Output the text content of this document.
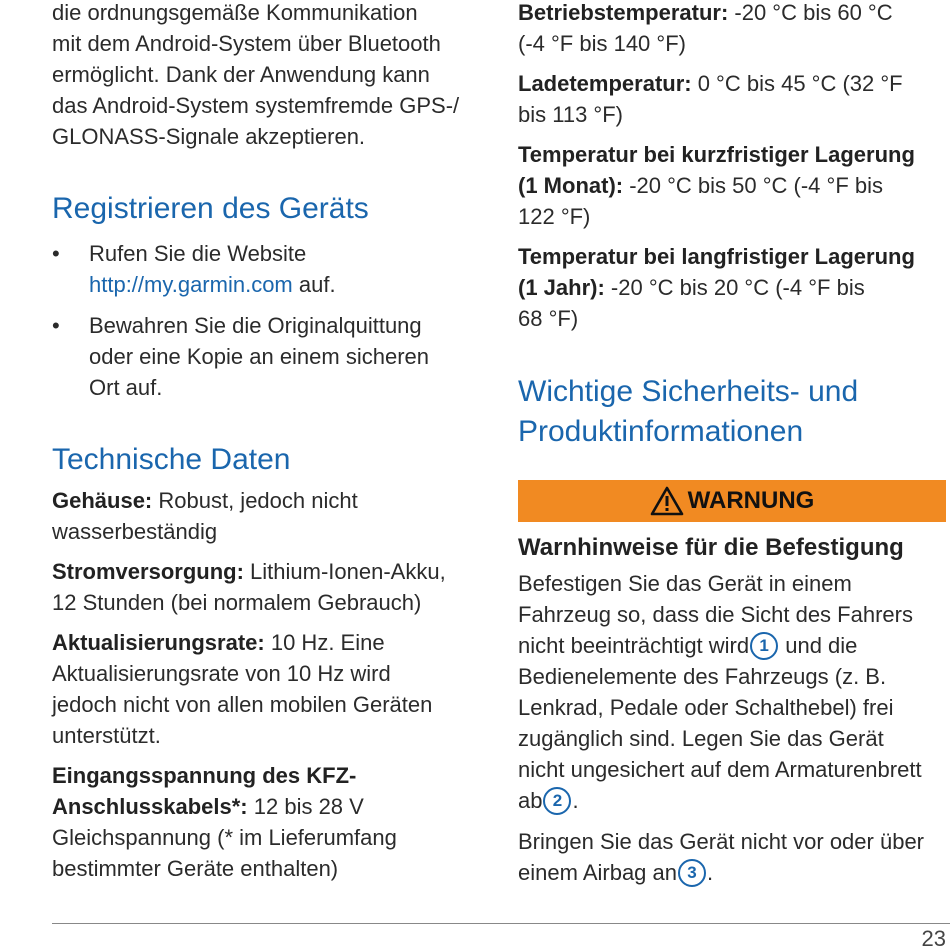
die ordnungsgemäße Kommunikation

mit dem Android-System über Bluetooth

ermöglicht. Dank der Anwendung kann

das Android-System systemfremde GPS-/

GLONASS-Signale akzeptieren.

Registrieren des Geräts
•	Rufen Sie die Website
http://my.garmin.com auf.
•	Bewahren Sie die Originalquittung
oder eine Kopie an einem sicheren
Ort auf.
Technische Daten

Gehäuse: Robust, jedoch nicht
wasserbeständig

Stromversorgung: Lithium-Ionen-Akku,
12 Stunden (bei normalem Gebrauch)

Aktualisierungsrate: 10 Hz. Eine
Aktualisierungsrate von 10 Hz wird
jedoch nicht von allen mobilen Geräten
unterstützt.

Eingangsspannung des KFZ-
Anschlusskabels*: 12 bis 28 V
Gleichspannung (* im Lieferumfang
bestimmter Geräte enthalten)

Betriebstemperatur: -20 °C bis 60 °C
(-4 °F bis 140 °F)

Ladetemperatur: 0 °C bis 45 °C (32 °F
bis 113 °F)

Temperatur bei kurzfristiger Lagerung
(1 Monat): -20 °C bis 50 °C (-4 °F bis
122 °F)

Temperatur bei langfristiger Lagerung
(1 Jahr): -20 °C bis 20 °C (-4 °F bis
68 °F)

Wichtige Sicherheits- und
Produktinformationen
WARNUNG
Warnhinweise für die Befestigung

Befestigen Sie das Gerät in einem
Fahrzeug so, dass die Sicht des Fahrers
nicht beeinträchtigt wird 1 und die
Bedienelemente des Fahrzeugs (z. B.
Lenkrad, Pedale oder Schalthebel) frei
zugänglich sind. Legen Sie das Gerät
nicht ungesichert auf dem Armaturenbrett
ab 2 .

Bringen Sie das Gerät nicht vor oder über
einem Airbag an 3 .

23
